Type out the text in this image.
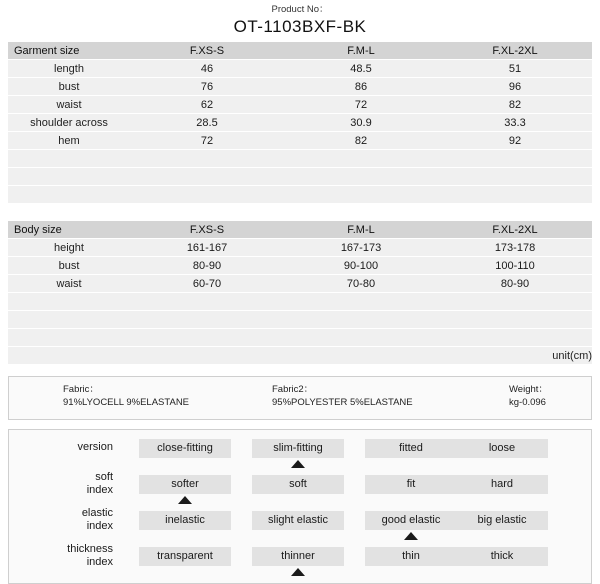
Product No：
OT-1103BXF-BK
Garment size	F.XS-S	F.M-L	F.XL-2XL
length	46	48.5	51
bust	76	86	96
waist	62	72	82
shoulder across	28.5	30.9	33.3
hem	72	82	92

Body size	F.XS-S	F.M-L	F.XL-2XL
height	161-167	167-173	173-178
bust	80-90	90-100	100-110
waist	60-70	70-80	80-90

unit(cm)			
Fabric：
91%LYOCELL 9%ELASTANE
Fabric2：
95%POLYESTER 5%ELASTANE
Weight：
kg-0.096
version	close-fitting	slim-fitting	fitted	loose
soft
index	softer	soft	fit	hard
elastic
index	inelastic	slight elastic	good elastic	big elastic
thickness
index	transparent	thinner	thin	thick
